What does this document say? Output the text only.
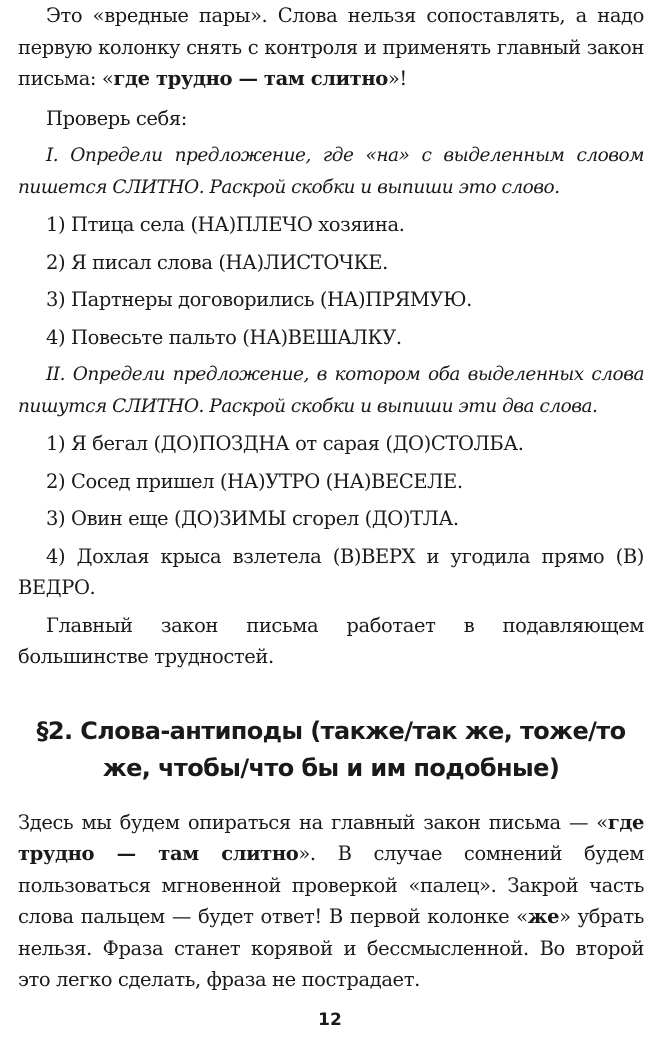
Это «вредные пары». Слова нельзя сопоставлять, а надо первую колонку снять с контроля и применять главный закон письма: «где трудно — там слитно»!

Проверь себя:

I. Определи предложение, где «на» с выделенным словом пишется СЛИТНО. Раскрой скобки и выпиши это слово.

1) Птица села (НА)ПЛЕЧО хозяина.

2) Я писал слова (НА)ЛИСТОЧКЕ.

3) Партнеры договорились (НА)ПРЯМУЮ.

4) Повесьте пальто (НА)ВЕШАЛКУ.

II. Определи предложение, в котором оба выделенных слова пишутся СЛИТНО. Раскрой скобки и выпиши эти два слова.

1) Я бегал (ДО)ПОЗДНА от сарая (ДО)СТОЛБА.

2) Сосед пришел (НА)УТРО (НА)ВЕСЕЛЕ.

3) Овин еще (ДО)ЗИМЫ сгорел (ДО)ТЛА.

4) Дохлая крыса взлетела (В)ВЕРХ и угодила прямо (В) ВЕДРО.

Главный закон письма работает в подавляющем большинстве трудностей.

§2. Слова-антиподы (также/так же, тоже/то же, чтобы/что бы и им подобные)

Здесь мы будем опираться на главный закон письма — «где трудно — там слитно». В случае сомнений будем пользоваться мгновенной проверкой «палец». Закрой часть слова пальцем — будет ответ! В первой колонке «же» убрать нельзя. Фраза станет корявой и бессмысленной. Во второй это легко сделать, фраза не пострадает.

12
